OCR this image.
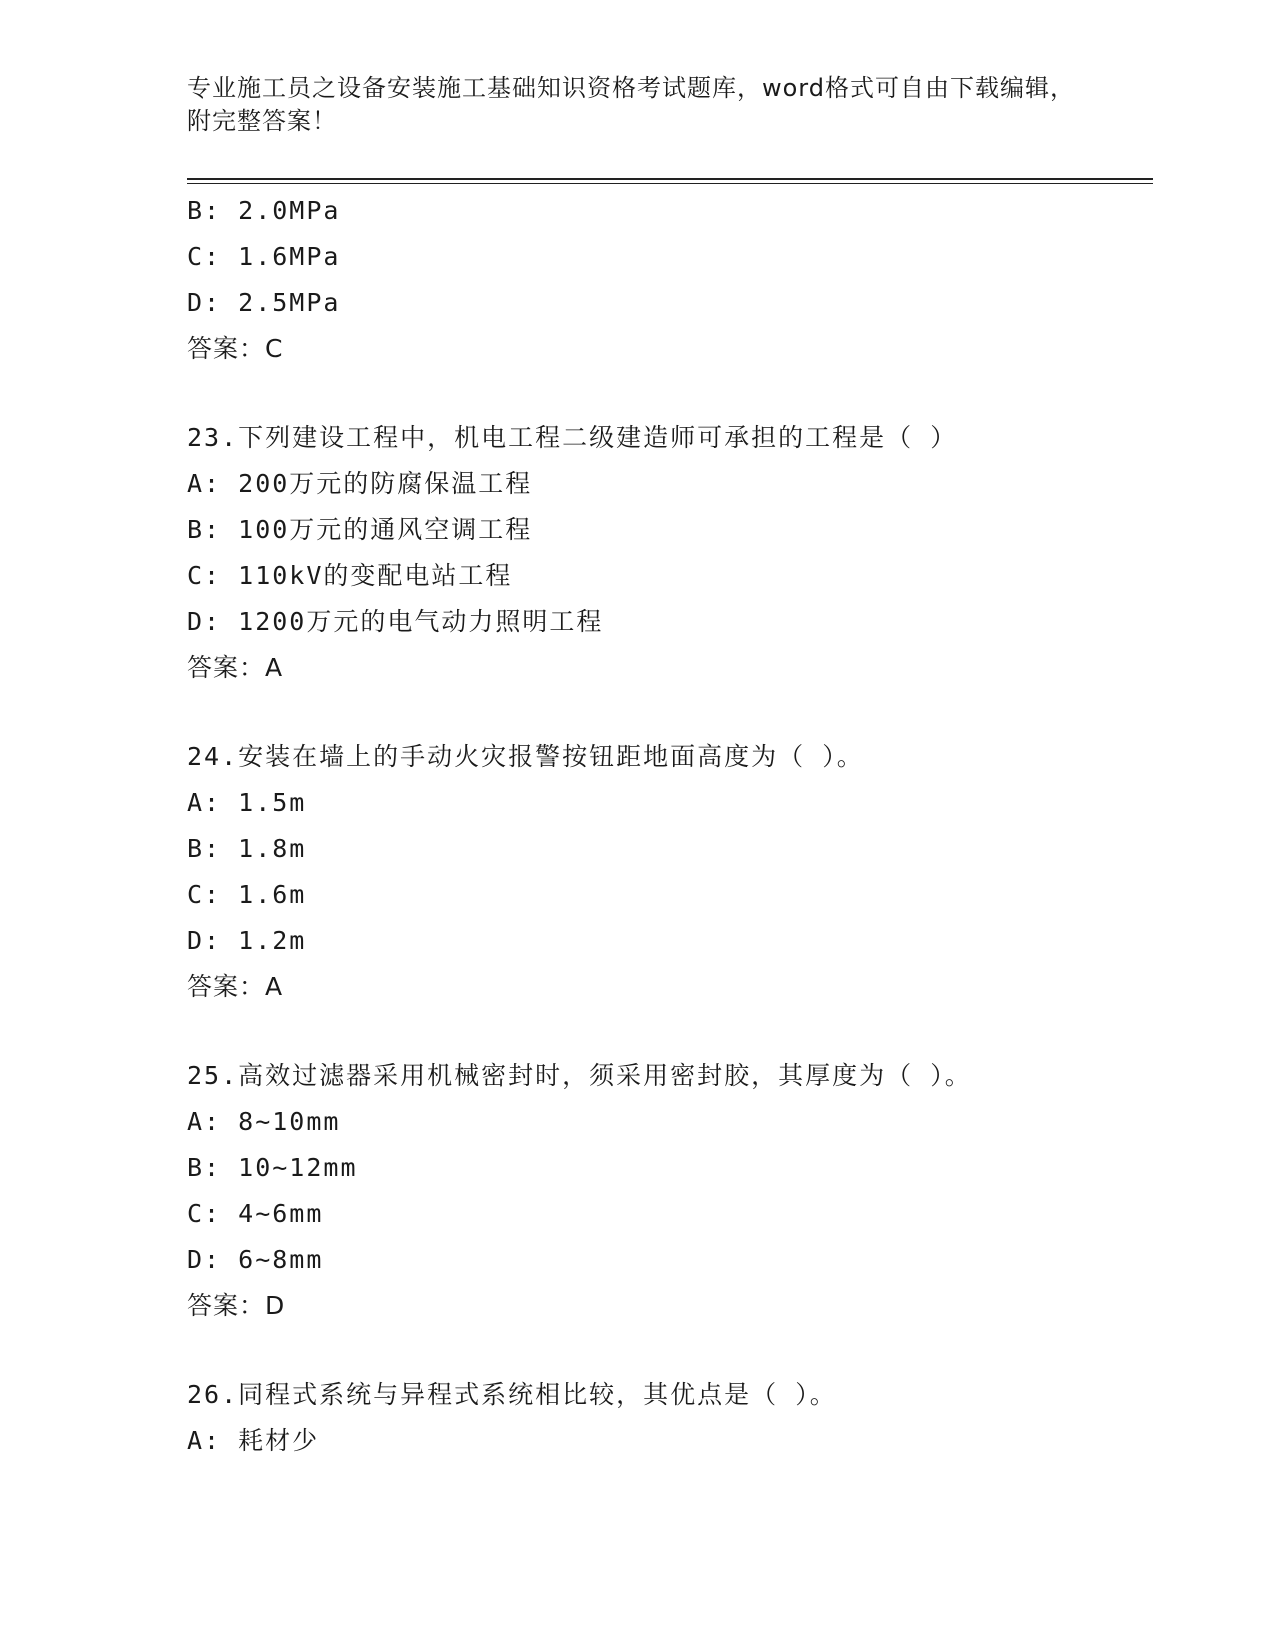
专业施工员之设备安装施工基础知识资格考试题库，word格式可自由下载编辑，
附完整答案！
B: 2.0MPa
C: 1.6MPa
D: 2.5MPa
答案：C
23.下列建设工程中，机电工程二级建造师可承担的工程是（ ）
A: 200万元的防腐保温工程
B: 100万元的通风空调工程
C: 110kV的变配电站工程
D: 1200万元的电气动力照明工程
答案：A
24.安装在墙上的手动火灾报警按钮距地面高度为（ ）。
A: 1.5m
B: 1.8m
C: 1.6m
D: 1.2m
答案：A
25.高效过滤器采用机械密封时，须采用密封胶，其厚度为（ ）。
A: 8~10mm
B: 10~12mm
C: 4~6mm
D: 6~8mm
答案：D
26.同程式系统与异程式系统相比较，其优点是（ ）。
A: 耗材少
